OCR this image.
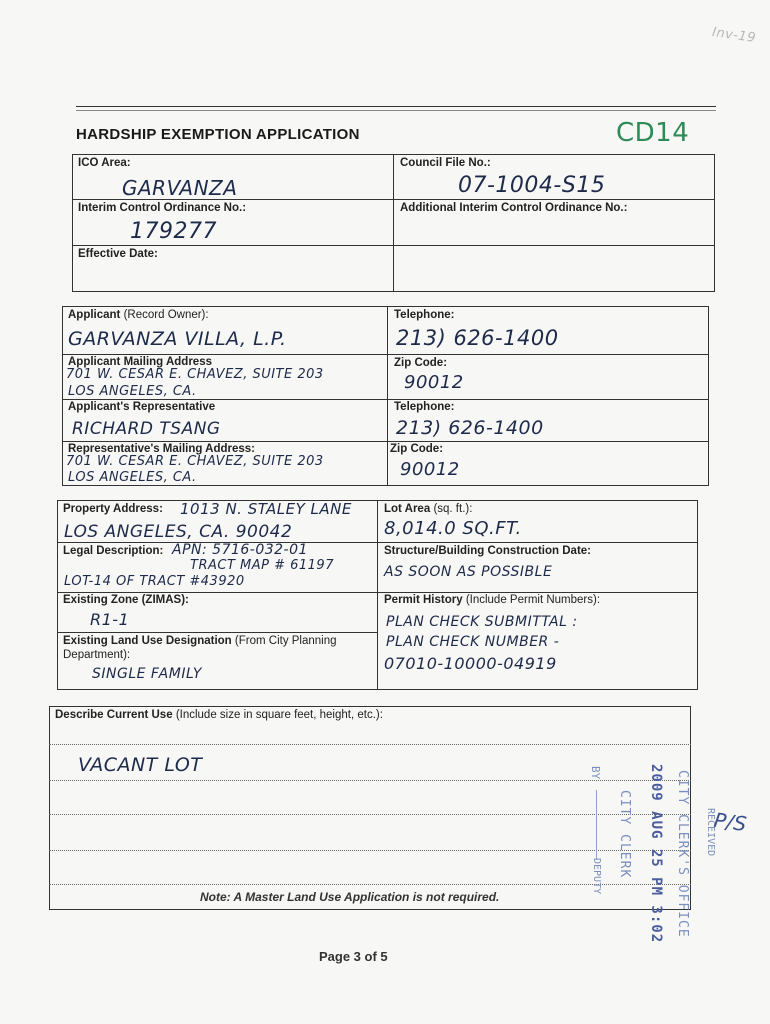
Inv-19
HARDSHIP EXEMPTION APPLICATION	CD14
ICO Area:
GARVANZA
Council File No.:
07-1004-S15
Interim Control Ordinance No.:
179277
Additional Interim Control Ordinance No.:
Effective Date:
Applicant (Record Owner):
GARVANZA VILLA, L.P.
Telephone:
213) 626-1400
Applicant Mailing Address
701 W. CESAR E. CHAVEZ, SUITE 203
LOS ANGELES, CA.
Zip Code:
90012
Applicant's Representative
RICHARD TSANG
Telephone:
213) 626-1400
Representative's Mailing Address:
701 W. CESAR E. CHAVEZ, SUITE 203
LOS ANGELES, CA.
Zip Code:
90012
Property Address: 1013 N. STALEY LANE
LOS ANGELES, CA. 90042
Lot Area (sq. ft.):
8,014.0 SQ.FT.
Legal Description: APN: 5716-032-01
TRACT MAP # 61197
LOT-14 OF TRACT #43920
Structure/Building Construction Date:
AS SOON AS POSSIBLE
Existing Zone (ZIMAS):
R1-1
Permit History (Include Permit Numbers):
PLAN CHECK SUBMITTAL :
PLAN CHECK NUMBER -
07010-10000-04919
Existing Land Use Designation (From City Planning
Department):
SINGLE FAMILY
Describe Current Use (Include size in square feet, height, etc.):
VACANT LOT
Note: A Master Land Use Application is not required.	CITY CLERK'S OFFICE RECEIVED
2009 AUG 25 PM 3:02
CITY CLERK
BY
DEPUTY
P/S
Page 3 of 5
